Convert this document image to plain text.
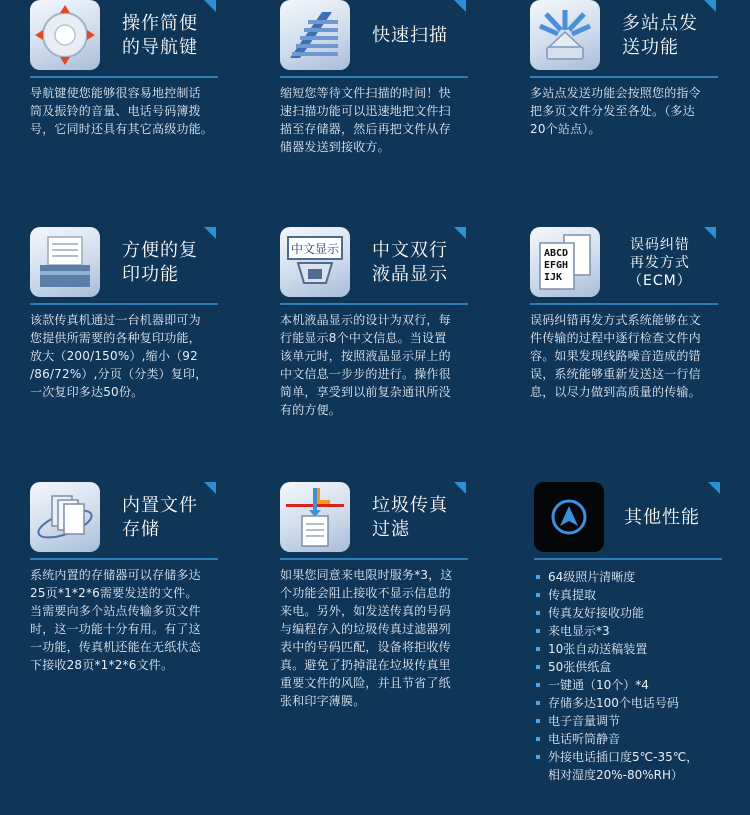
操作简便
的导航键
导航键使您能够很容易地控制话
筒及振铃的音量、电话号码簿拨
号，它同时还具有其它高级功能。
快速扫描
缩短您等待文件扫描的时间！快
速扫描功能可以迅速地把文件扫
描至存储器，然后再把文件从存
储器发送到接收方。
多站点发
送功能
多站点发送功能会按照您的指令
把多页文件分发至各处。（多达
20个站点）。
方便的复
印功能
该款传真机通过一台机器即可为
您提供所需要的各种复印功能，
放大（200/150%）,缩小（92
/86/72%）,分页（分类）复印，
一次复印多达50份。
中文显示 中文双行
液晶显示
本机液晶显示的设计为双行，每
行能显示8个中文信息。当设置
该单元时，按照液晶显示屏上的
中文信息一步步的进行。操作很
简单，享受到以前复杂通讯所没
有的方便。
ABCD
EFGH
IJK
误码纠错
再发方式
（ECM）
误码纠错再发方式系统能够在文
件传输的过程中逐行检查文件内
容。如果发现线路噪音造成的错
误，系统能够重新发送这一行信
息，以尽力做到高质量的传输。
内置文件
存储
系统内置的存储器可以存储多达
25页*1*2*6需要发送的文件。
当需要向多个站点传输多页文件
时，这一功能十分有用。有了这
一功能，传真机还能在无纸状态
下接收28页*1*2*6文件。
垃圾传真
过滤
如果您同意来电限时服务*3，这
个功能会阻止接收不显示信息的
来电。另外，如发送传真的号码
与编程存入的垃圾传真过滤器列
表中的号码匹配，设备将拒收传
真。避免了扔掉混在垃圾传真里
重要文件的风险，并且节省了纸
张和印字薄膜。
其他性能
64级照片清晰度
传真提取
传真友好接收功能
来电显示*3
10张自动送稿装置
50张供纸盒
一键通（10个）*4
存储多达100个电话号码
电子音量调节
电话听筒静音
外接电话插口度5℃-35℃，
相对湿度20%-80%RH）
